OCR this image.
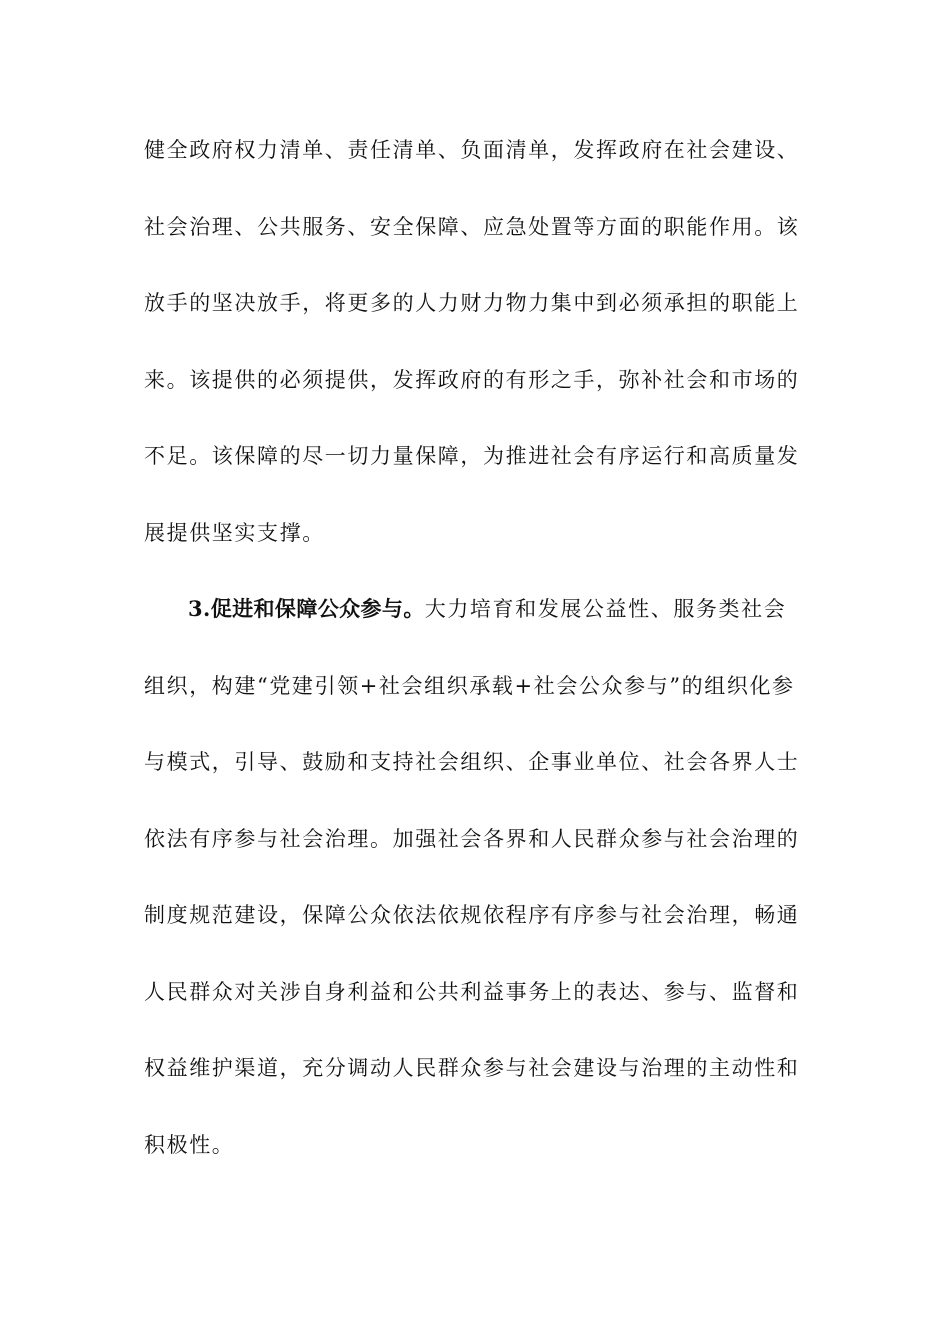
健全政府权力清单、责任清单、负面清单，发挥政府在社会建设、
社会治理、公共服务、安全保障、应急处置等方面的职能作用。该
放手的坚决放手，将更多的人力财力物力集中到必须承担的职能上
来。该提供的必须提供，发挥政府的有形之手，弥补社会和市场的
不足。该保障的尽一切力量保障，为推进社会有序运行和高质量发
展提供坚实支撑。
3.促进和保障公众参与。大力培育和发展公益性、服务类社会
组织，构建“党建引领+社会组织承载+社会公众参与”的组织化参
与模式，引导、鼓励和支持社会组织、企事业单位、社会各界人士
依法有序参与社会治理。加强社会各界和人民群众参与社会治理的
制度规范建设，保障公众依法依规依程序有序参与社会治理，畅通
人民群众对关涉自身利益和公共利益事务上的表达、参与、监督和
权益维护渠道，充分调动人民群众参与社会建设与治理的主动性和
积极性。
